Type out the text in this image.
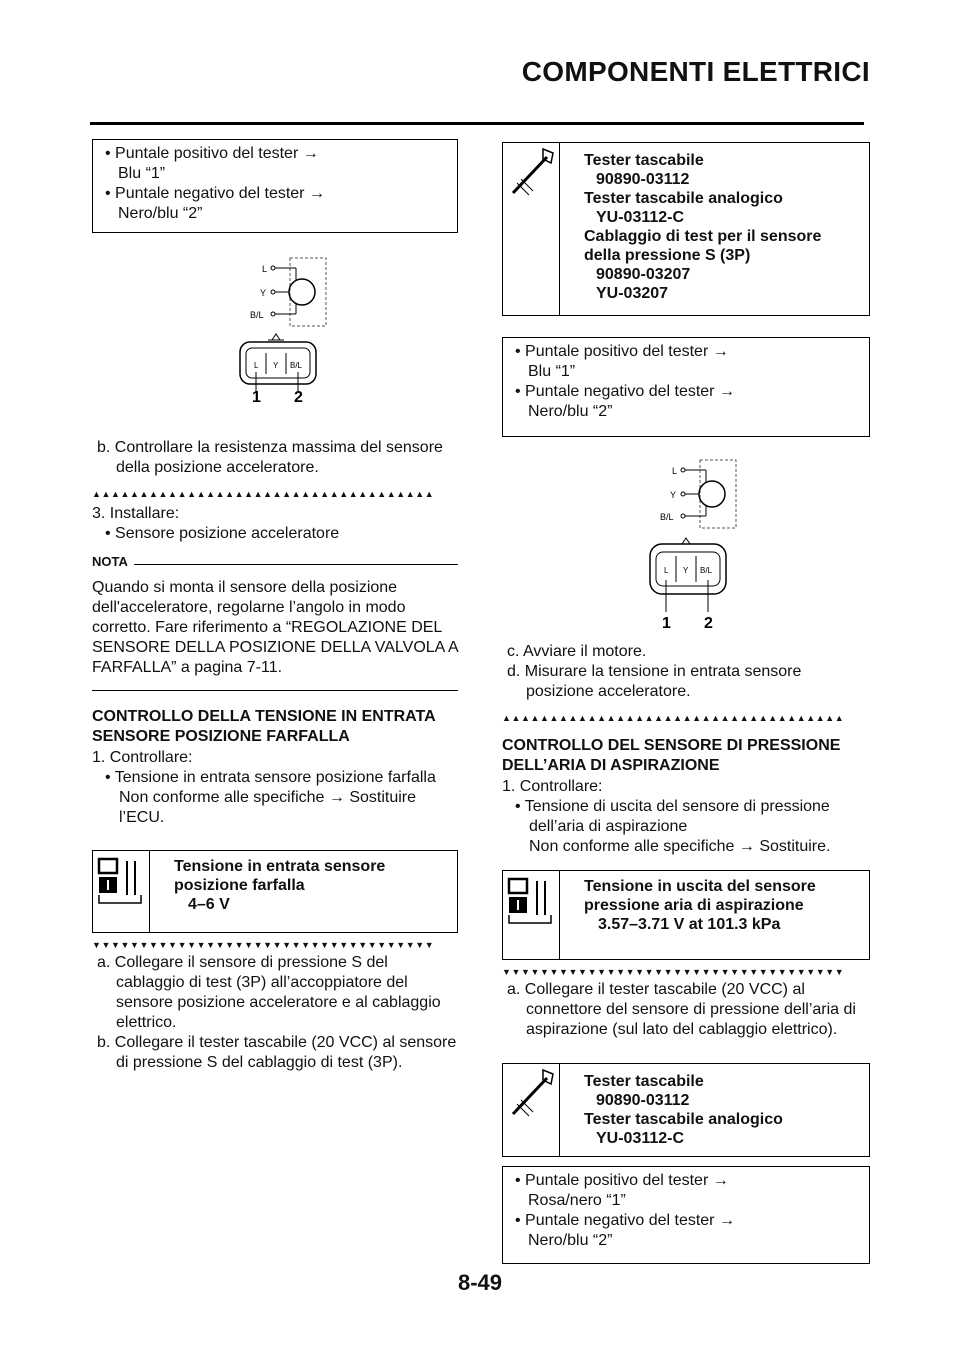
COMPONENTI ELETTRICI
• Puntale positivo del tester →
Blu “1”
• Puntale negativo del tester →
Nero/blu “2”
L
Y
B/L
L Y B/L
1 2
b. Controllare la resistenza massima del sensore della posizione acceleratore.
▲▲▲▲▲▲▲▲▲▲▲▲▲▲▲▲▲▲▲▲▲▲▲▲▲▲▲▲▲▲▲▲▲▲▲▲
3. Installare:
• Sensore posizione acceleratore
NOTA
Quando si monta il sensore della posizione dell'acceleratore, regolarne l’angolo in modo corretto. Fare riferimento a “REGOLAZIONE DEL SENSORE DELLA POSIZIONE DELLA VALVOLA A FARFALLA” a pagina 7-11.
CONTROLLO DELLA TENSIONE IN ENTRATA SENSORE POSIZIONE FARFALLA
1. Controllare:
• Tensione in entrata sensore posizione farfalla
Non conforme alle specifiche → Sostituire l’ECU.
Tensione in entrata sensore posizione farfalla
4–6 V
▼▼▼▼▼▼▼▼▼▼▼▼▼▼▼▼▼▼▼▼▼▼▼▼▼▼▼▼▼▼▼▼▼▼▼▼
a. Collegare il sensore di pressione S del cablaggio di test (3P) all’accoppiatore del sensore posizione acceleratore e al cablaggio elettrico.
b. Collegare il tester tascabile (20 VCC) al sensore di pressione S del cablaggio di test (3P).
Tester tascabile
90890-03112
Tester tascabile analogico
YU-03112-C
Cablaggio di test per il sensore della pressione S (3P)
90890-03207
YU-03207
• Puntale positivo del tester →
Blu “1”
• Puntale negativo del tester →
Nero/blu “2”
L
Y
B/L
L Y B/L
1 2
c. Avviare il motore.
d. Misurare la tensione in entrata sensore posizione acceleratore.
▲▲▲▲▲▲▲▲▲▲▲▲▲▲▲▲▲▲▲▲▲▲▲▲▲▲▲▲▲▲▲▲▲▲▲▲
CONTROLLO DEL SENSORE DI PRESSIONE DELL’ARIA DI ASPIRAZIONE
1. Controllare:
• Tensione di uscita del sensore di pressione dell’aria di aspirazione
Non conforme alle specifiche → Sostituire.
Tensione in uscita del sensore pressione aria di aspirazione
3.57–3.71 V at 101.3 kPa
▼▼▼▼▼▼▼▼▼▼▼▼▼▼▼▼▼▼▼▼▼▼▼▼▼▼▼▼▼▼▼▼▼▼▼▼
a. Collegare il tester tascabile (20 VCC) al connettore del sensore di pressione dell’aria di aspirazione (sul lato del cablaggio elettrico).
Tester tascabile
90890-03112
Tester tascabile analogico
YU-03112-C
• Puntale positivo del tester →
Rosa/nero “1”
• Puntale negativo del tester →
Nero/blu “2”
8-49
